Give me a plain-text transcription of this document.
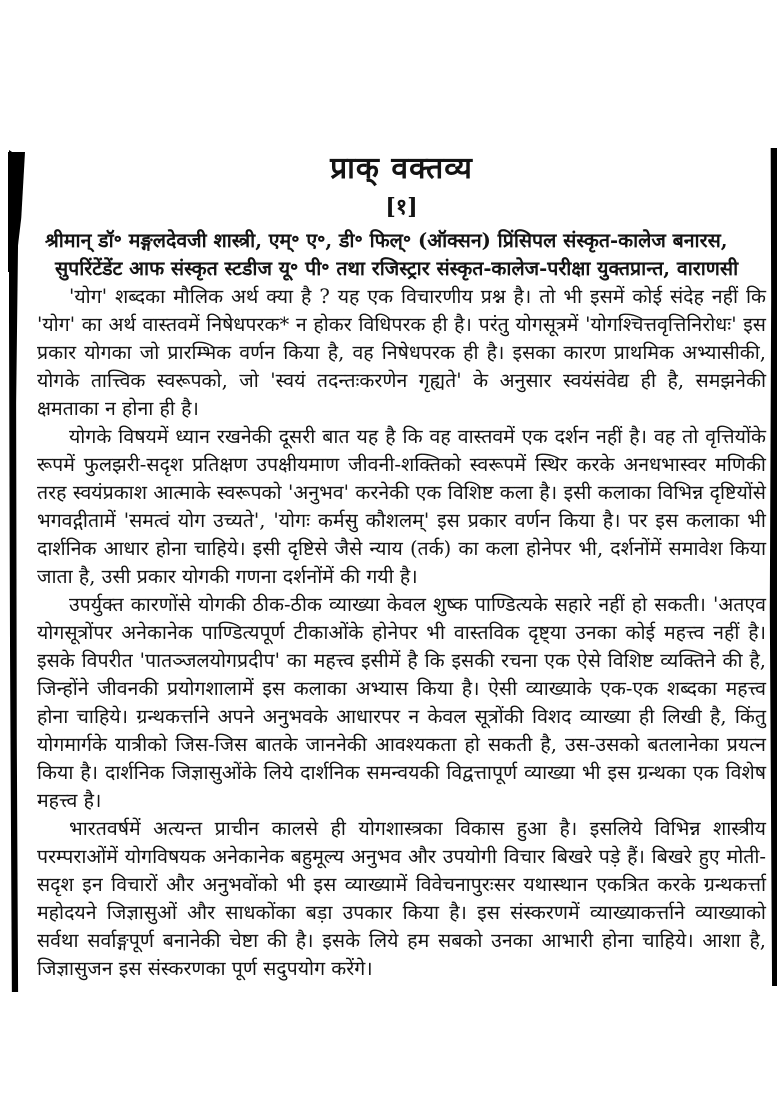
प्राक् वक्तव्य
[१]
श्रीमान् डॉ॰ मङ्गलदेवजी शास्त्री, एम्॰ ए॰, डी॰ फिल्॰ (ऑक्सन) प्रिंसिपल संस्कृत-कालेज बनारस,
सुपरिंटेंडेंट आफ संस्कृत स्टडीज यू॰ पी॰ तथा रजिस्ट्रार संस्कृत-कालेज-परीक्षा युक्तप्रान्त, वाराणसी

'योग' शब्दका मौलिक अर्थ क्या है ? यह एक विचारणीय प्रश्न है। तो भी इसमें कोई संदेह नहीं कि 'योग' का अर्थ वास्तवमें निषेधपरक* न होकर विधिपरक ही है। परंतु योगसूत्रमें 'योगश्चित्तवृत्तिनिरोधः' इस प्रकार योगका जो प्रारम्भिक वर्णन किया है, वह निषेधपरक ही है। इसका कारण प्राथमिक अभ्यासीकी, योगके तात्त्विक स्वरूपको, जो 'स्वयं तदन्तःकरणेन गृह्यते' के अनुसार स्वयंसंवेद्य ही है, समझनेकी क्षमताका न होना ही है।

योगके विषयमें ध्यान रखनेकी दूसरी बात यह है कि वह वास्तवमें एक दर्शन नहीं है। वह तो वृत्तियोंके रूपमें फुलझरी-सदृश प्रतिक्षण उपक्षीयमाण जीवनी-शक्तिको स्वरूपमें स्थिर करके अनधभास्वर मणिकी तरह स्वयंप्रकाश आत्माके स्वरूपको 'अनुभव' करनेकी एक विशिष्ट कला है। इसी कलाका विभिन्न दृष्टियोंसे भगवद्गीतामें 'समत्वं योग उच्यते', 'योगः कर्मसु कौशलम्' इस प्रकार वर्णन किया है। पर इस कलाका भी दार्शनिक आधार होना चाहिये। इसी दृष्टिसे जैसे न्याय (तर्क) का कला होनेपर भी, दर्शनोंमें समावेश किया जाता है, उसी प्रकार योगकी गणना दर्शनोंमें की गयी है।

उपर्युक्त कारणोंसे योगकी ठीक-ठीक व्याख्या केवल शुष्क पाण्डित्यके सहारे नहीं हो सकती। 'अतएव योगसूत्रोंपर अनेकानेक पाण्डित्यपूर्ण टीकाओंके होनेपर भी वास्तविक दृष्ट्या उनका कोई महत्त्व नहीं है। इसके विपरीत 'पातञ्जलयोगप्रदीप' का महत्त्व इसीमें है कि इसकी रचना एक ऐसे विशिष्ट व्यक्तिने की है, जिन्होंने जीवनकी प्रयोगशालामें इस कलाका अभ्यास किया है। ऐसी व्याख्याके एक-एक शब्दका महत्त्व होना चाहिये। ग्रन्थकर्त्ताने अपने अनुभवके आधारपर न केवल सूत्रोंकी विशद व्याख्या ही लिखी है, किंतु योगमार्गके यात्रीको जिस-जिस बातके जाननेकी आवश्यकता हो सकती है, उस-उसको बतलानेका प्रयत्न किया है। दार्शनिक जिज्ञासुओंके लिये दार्शनिक समन्वयकी विद्वत्तापूर्ण व्याख्या भी इस ग्रन्थका एक विशेष महत्त्व है।

भारतवर्षमें अत्यन्त प्राचीन कालसे ही योगशास्त्रका विकास हुआ है। इसलिये विभिन्न शास्त्रीय परम्पराओंमें योगविषयक अनेकानेक बहुमूल्य अनुभव और उपयोगी विचार बिखरे पड़े हैं। बिखरे हुए मोती-सदृश इन विचारों और अनुभवोंको भी इस व्याख्यामें विवेचनापुरःसर यथास्थान एकत्रित करके ग्रन्थकर्त्ता महोदयने जिज्ञासुओं और साधकोंका बड़ा उपकार किया है। इस संस्करणमें व्याख्याकर्त्ताने व्याख्याको सर्वथा सर्वाङ्गपूर्ण बनानेकी चेष्टा की है। इसके लिये हम सबको उनका आभारी होना चाहिये। आशा है, जिज्ञासुजन इस संस्करणका पूर्ण सदुपयोग करेंगे।
